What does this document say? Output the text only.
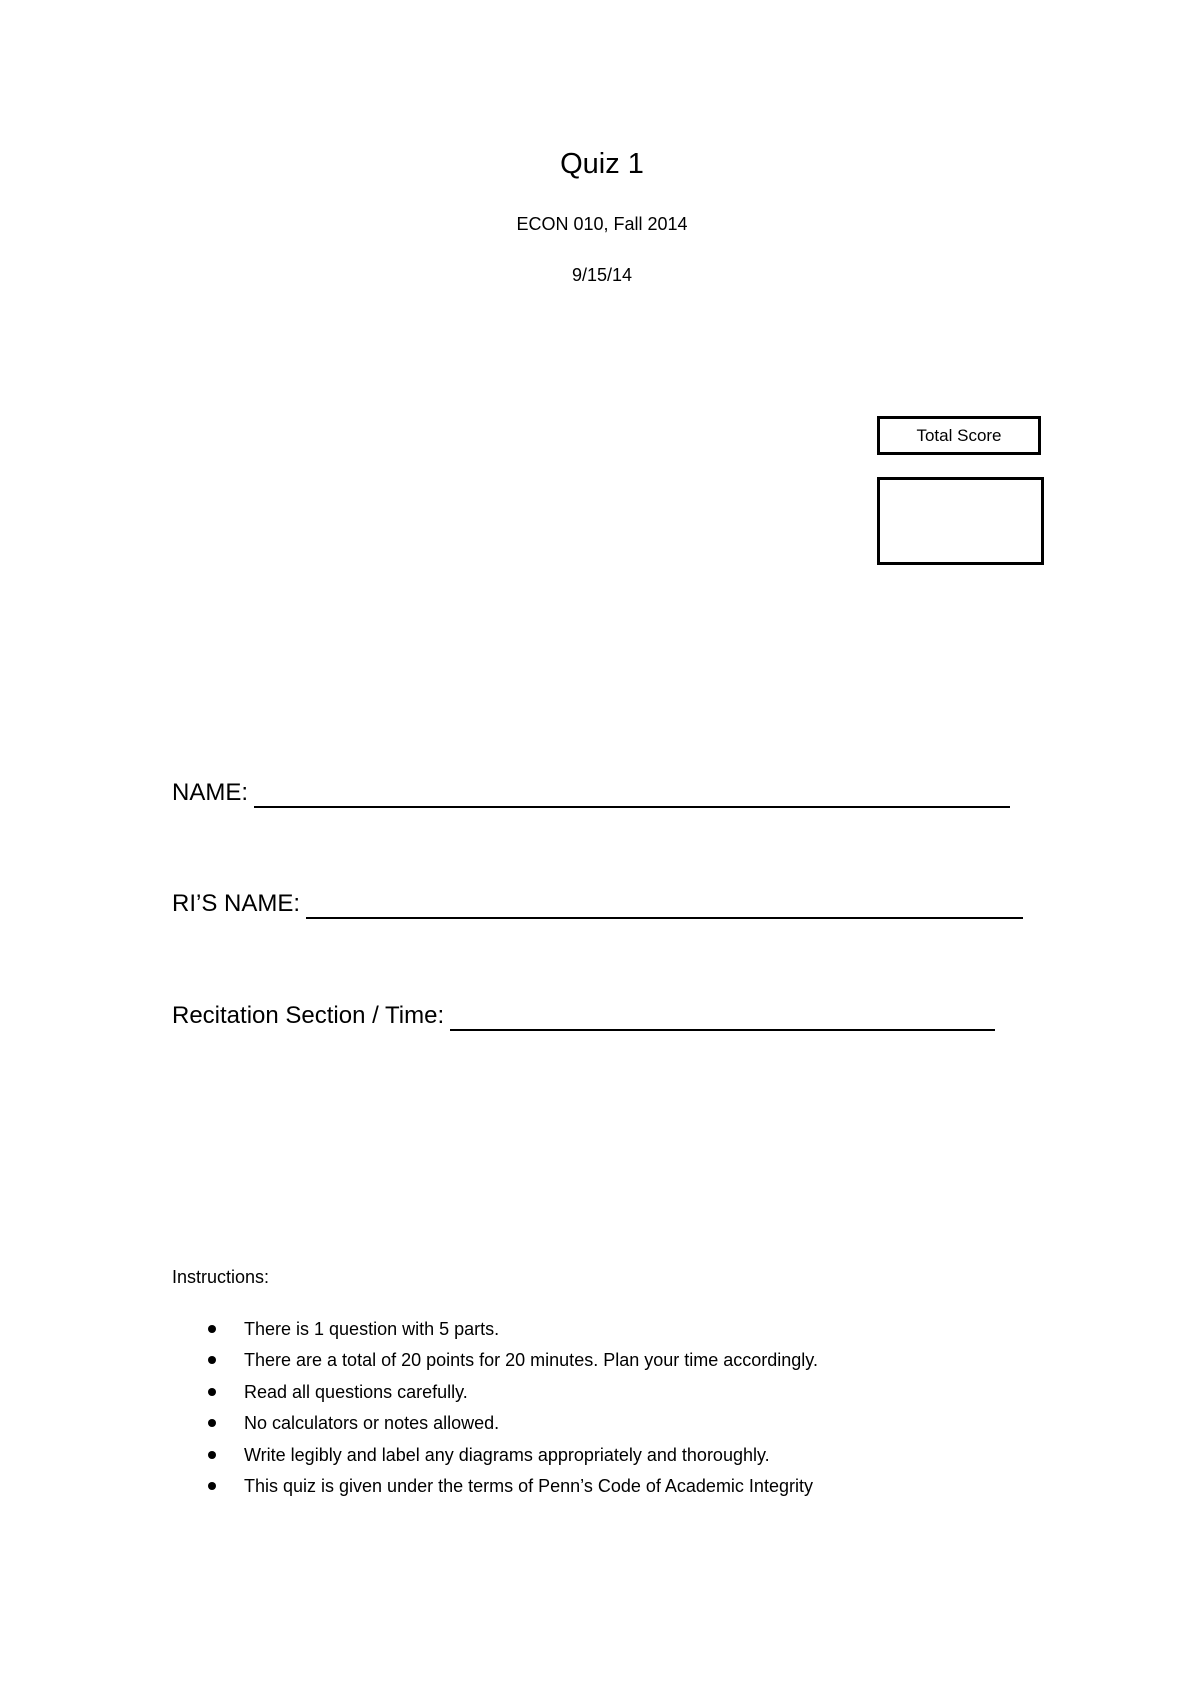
Quiz 1
ECON 010, Fall 2014
9/15/14
Total Score
NAME:
RI’S NAME:
Recitation Section / Time:
Instructions:
There is 1 question with 5 parts.
There are a total of 20 points for 20 minutes. Plan your time accordingly.
Read all questions carefully.
No calculators or notes allowed.
Write legibly and label any diagrams appropriately and thoroughly.
This quiz is given under the terms of Penn’s Code of Academic Integrity
